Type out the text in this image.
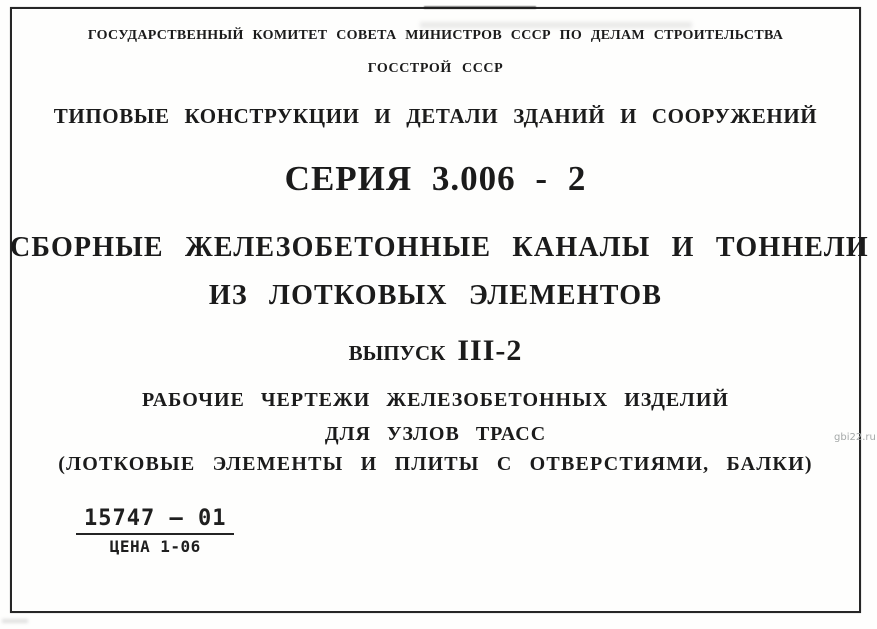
ГОСУДАРСТВЕННЫЙ КОМИТЕТ СОВЕТА МИНИСТРОВ СССР ПО ДЕЛАМ СТРОИТЕЛЬСТВА
ГОССТРОЙ СССР
ТИПОВЫЕ КОНСТРУКЦИИ И ДЕТАЛИ ЗДАНИЙ И СООРУЖЕНИЙ
СЕРИЯ 3.006 - 2
СБОРНЫЕ ЖЕЛЕЗОБЕТОННЫЕ КАНАЛЫ И ТОННЕЛИ
ИЗ ЛОТКОВЫХ ЭЛЕМЕНТОВ
ВЫПУСК III-2
РАБОЧИЕ ЧЕРТЕЖИ ЖЕЛЕЗОБЕТОННЫХ ИЗДЕЛИЙ
ДЛЯ УЗЛОВ ТРАСС
(ЛОТКОВЫЕ ЭЛЕМЕНТЫ И ПЛИТЫ С ОТВЕРСТИЯМИ, БАЛКИ)
15747 – 01
ЦЕНА 1-06
gbi22.ru
